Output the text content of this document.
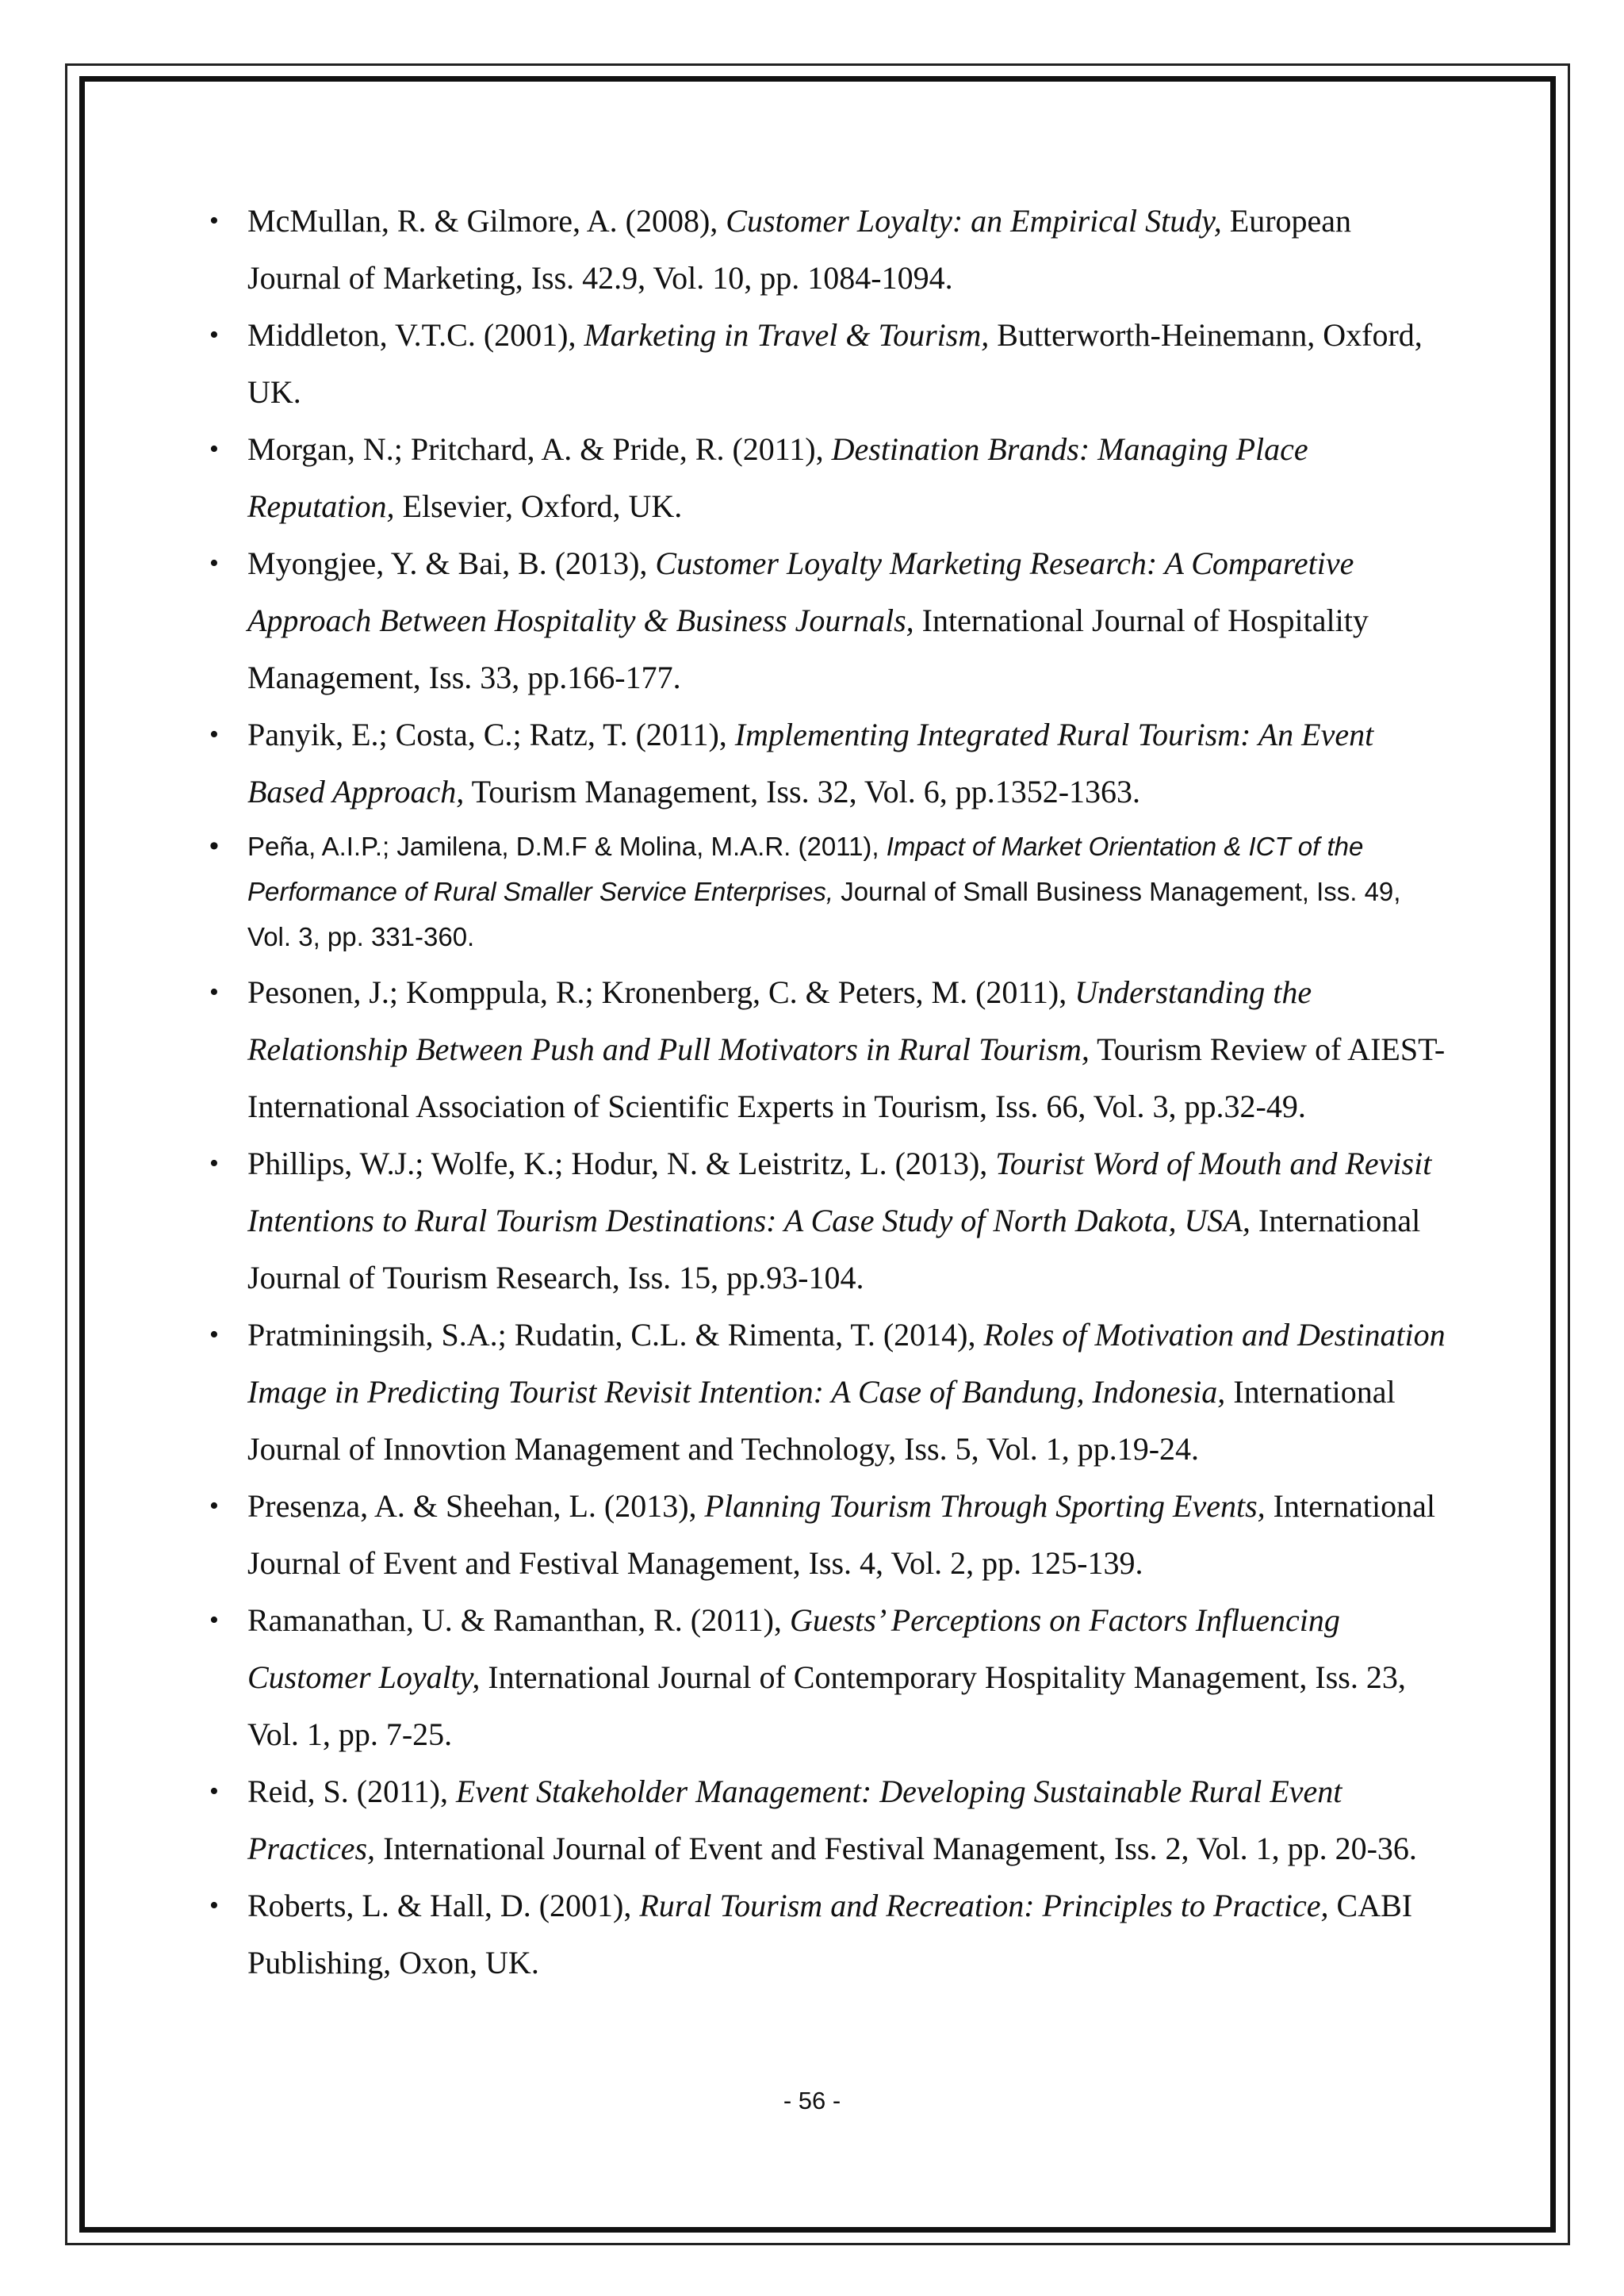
• McMullan, R. & Gilmore, A. (2008), Customer Loyalty: an Empirical Study, European Journal of Marketing, Iss. 42.9, Vol. 10, pp. 1084-1094.
• Middleton, V.T.C. (2001), Marketing in Travel & Tourism, Butterworth-Heinemann, Oxford, UK.
• Morgan, N.; Pritchard, A. & Pride, R. (2011), Destination Brands: Managing Place Reputation, Elsevier, Oxford, UK.
• Myongjee, Y. & Bai, B. (2013), Customer Loyalty Marketing Research: A Comparetive Approach Between Hospitality & Business Journals, International Journal of Hospitality Management, Iss. 33, pp.166-177.
• Panyik, E.; Costa, C.; Ratz, T. (2011), Implementing Integrated Rural Tourism: An Event Based Approach, Tourism Management, Iss. 32, Vol. 6, pp.1352-1363.
•	Peña, A.I.P.; Jamilena, D.M.F & Molina, M.A.R. (2011), Impact of Market Orientation & ICT of the Performance of Rural Smaller Service Enterprises, Journal of Small Business Management, Iss. 49, Vol. 3, pp. 331-360.
• Pesonen, J.; Komppula, R.; Kronenberg, C. & Peters, M. (2011), Understanding the Relationship Between Push and Pull Motivators in Rural Tourism, Tourism Review of AIEST- International Association of Scientific Experts in Tourism, Iss. 66, Vol. 3, pp.32-49.
• Phillips, W.J.; Wolfe, K.; Hodur, N. & Leistritz, L. (2013), Tourist Word of Mouth and Revisit Intentions to Rural Tourism Destinations: A Case Study of North Dakota, USA, International Journal of Tourism Research, Iss. 15, pp.93-104.
• Pratminingsih, S.A.; Rudatin, C.L. & Rimenta, T. (2014), Roles of Motivation and Destination Image in Predicting Tourist Revisit Intention: A Case of Bandung, Indonesia, International Journal of Innovtion Management and Technology, Iss. 5, Vol. 1, pp.19-24.
• Presenza, A. & Sheehan, L. (2013), Planning Tourism Through Sporting Events, International Journal of Event and Festival Management, Iss. 4, Vol. 2, pp. 125-139.
• Ramanathan, U. & Ramanthan, R. (2011), Guests’ Perceptions on Factors Influencing Customer Loyalty, International Journal of Contemporary Hospitality Management, Iss. 23, Vol. 1, pp. 7-25.
• Reid, S. (2011), Event Stakeholder Management: Developing Sustainable Rural Event Practices, International Journal of Event and Festival Management, Iss. 2, Vol. 1, pp. 20-36.
• Roberts, L. & Hall, D. (2001), Rural Tourism and Recreation: Principles to Practice, CABI Publishing, Oxon, UK.
- 56 -
